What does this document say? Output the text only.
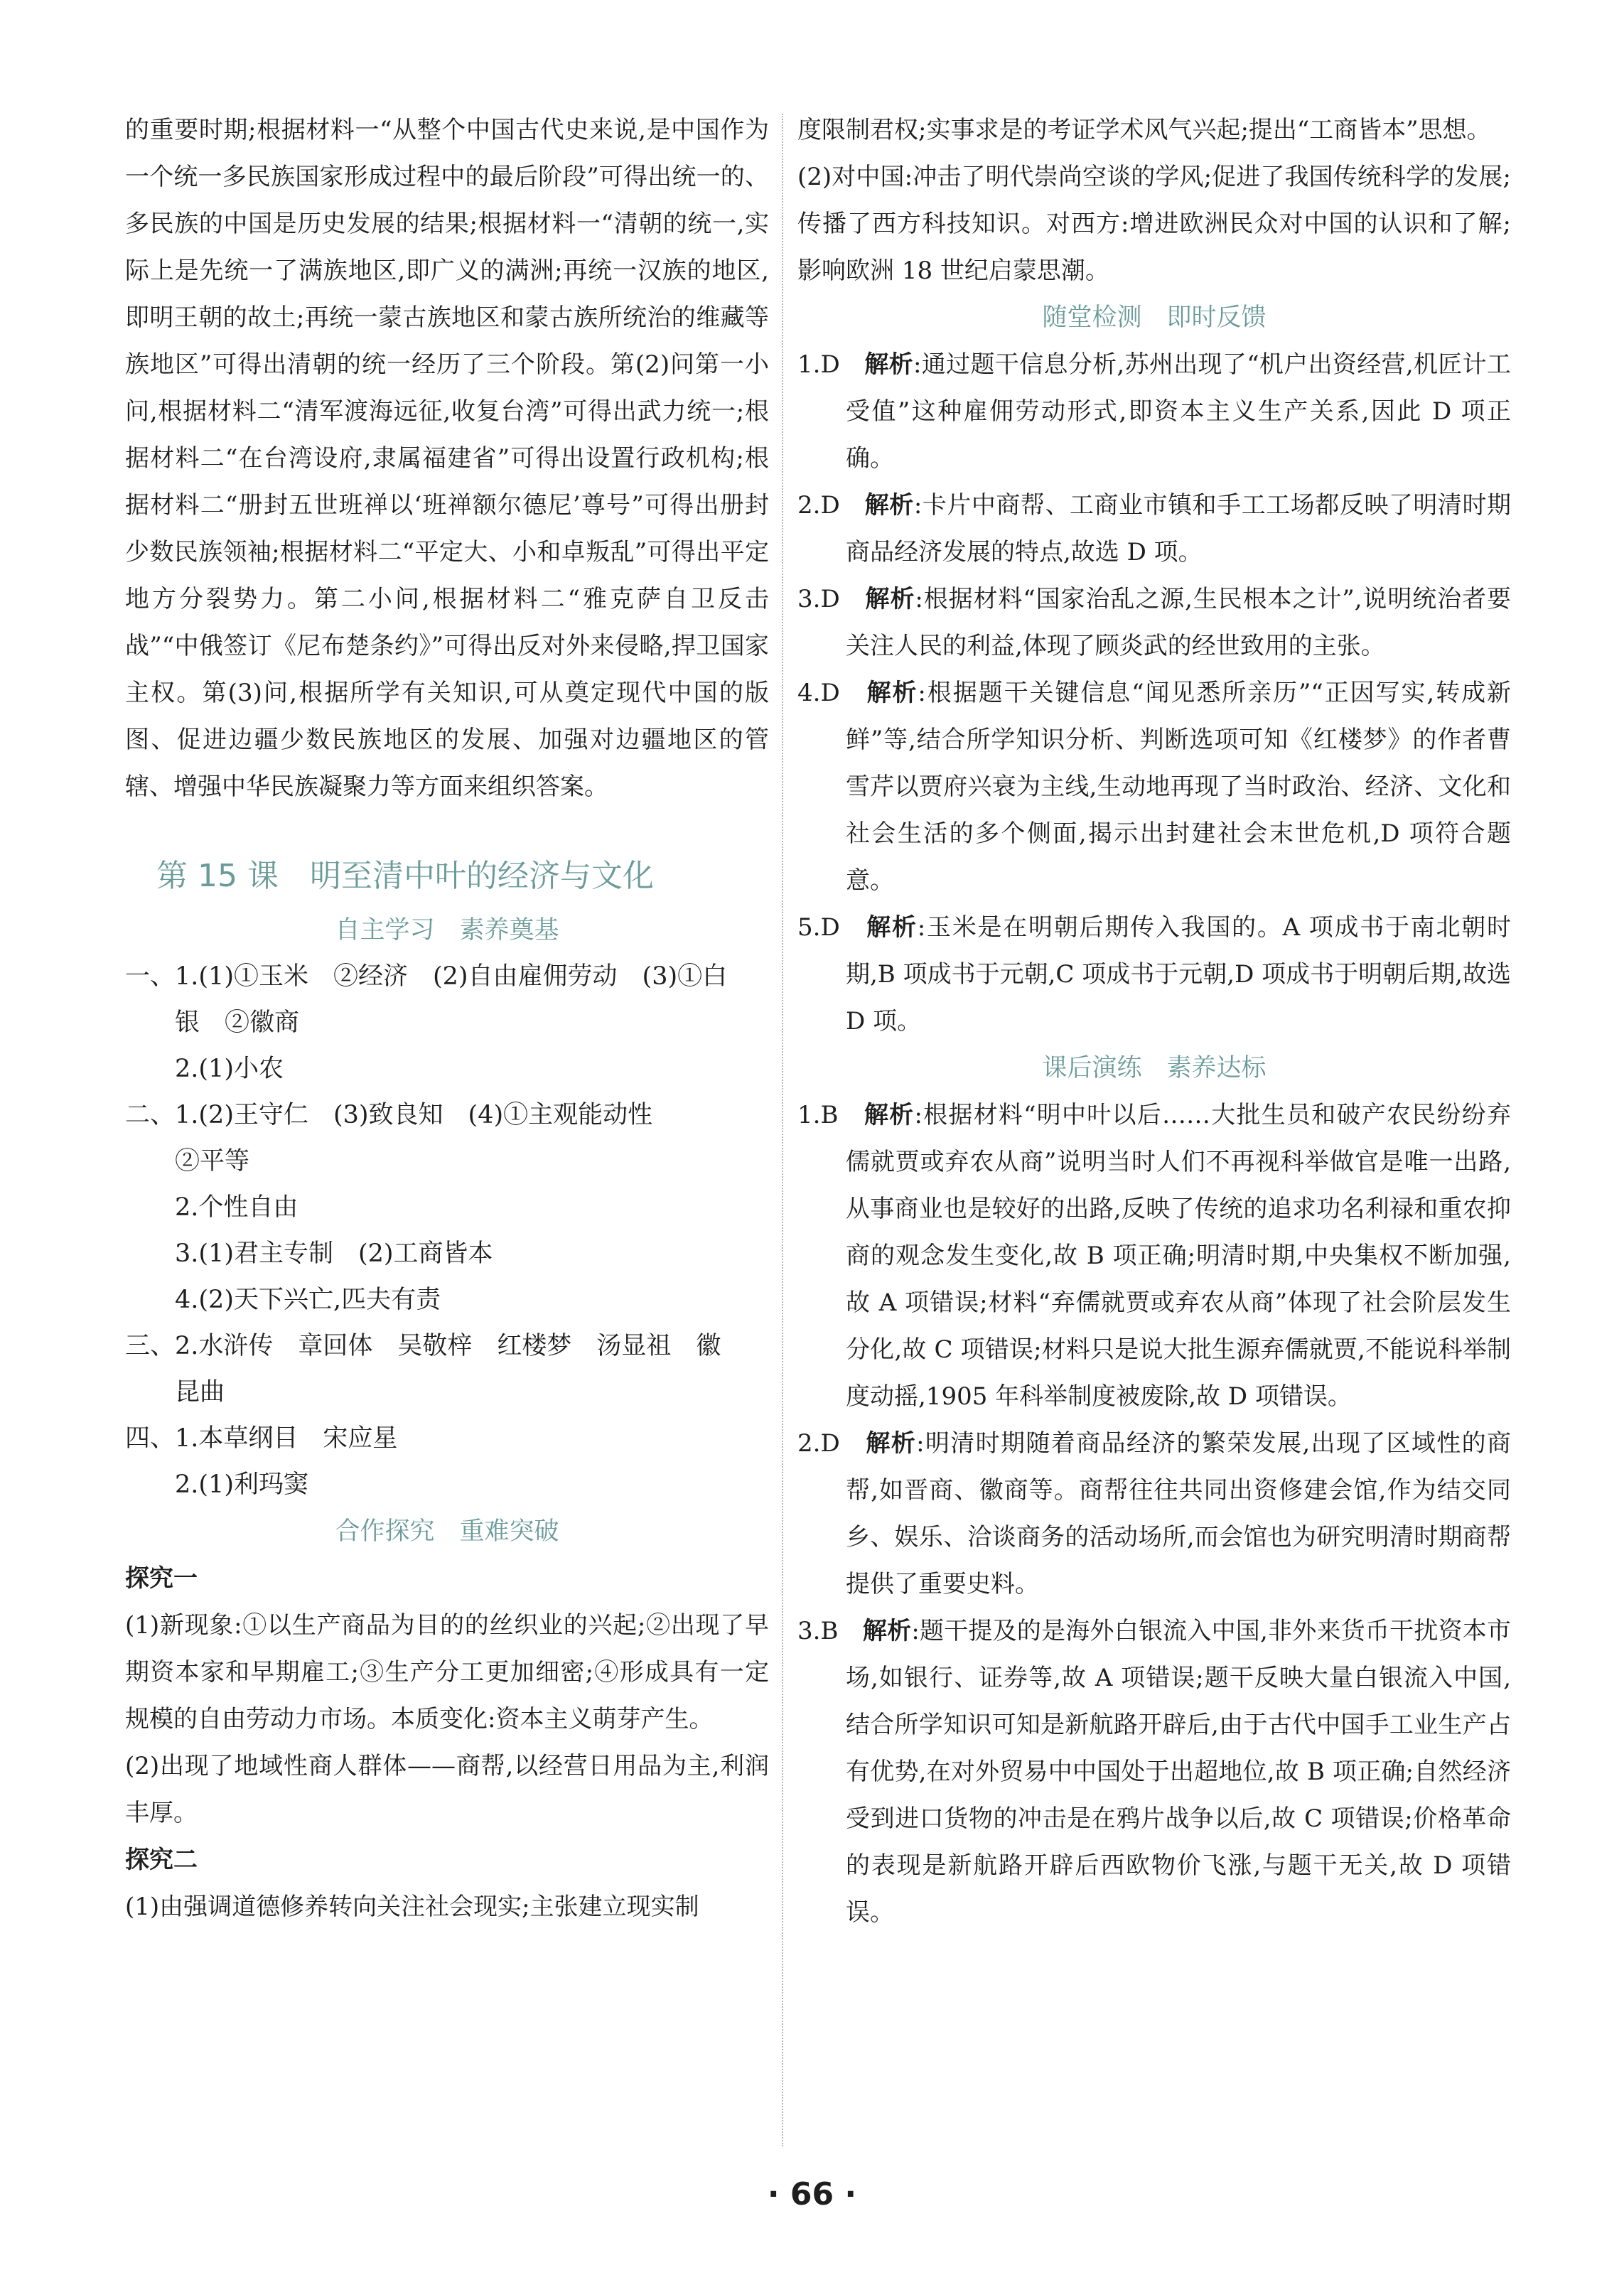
的重要时期;根据材料一“从整个中国古代史来说,是中国作为一个统一多民族国家形成过程中的最后阶段”可得出统一的、多民族的中国是历史发展的结果;根据材料一“清朝的统一,实际上是先统一了满族地区,即广义的满洲;再统一汉族的地区,即明王朝的故土;再统一蒙古族地区和蒙古族所统治的维藏等族地区”可得出清朝的统一经历了三个阶段。第(2)问第一小问,根据材料二“清军渡海远征,收复台湾”可得出武力统一;根据材料二“在台湾设府,隶属福建省”可得出设置行政机构;根据材料二“册封五世班禅以‘班禅额尔德尼’尊号”可得出册封少数民族领袖;根据材料二“平定大、小和卓叛乱”可得出平定地方分裂势力。第二小问,根据材料二“雅克萨自卫反击战”“中俄签订《尼布楚条约》”可得出反对外来侵略,捍卫国家主权。第(3)问,根据所学有关知识,可从奠定现代中国的版图、促进边疆少数民族地区的发展、加强对边疆地区的管辖、增强中华民族凝聚力等方面来组织答案。

第 15 课 明至清中叶的经济与文化

自主学习　素养奠基

一、1.(1)①玉米　②经济　(2)自由雇佣劳动　(3)①白

　　银　②徽商

　　2.(1)小农

二、1.(2)王守仁　(3)致良知　(4)①主观能动性

　　②平等

　　2.个性自由

　　3.(1)君主专制　(2)工商皆本

　　4.(2)天下兴亡,匹夫有责

三、2.水浒传　章回体　吴敬梓　红楼梦　汤显祖　徽

　　昆曲

四、1.本草纲目　宋应星

　　2.(1)利玛窦

合作探究　重难突破

探究一

(1)新现象:①以生产商品为目的的丝织业的兴起;②出现了早期资本家和早期雇工;③生产分工更加细密;④形成具有一定规模的自由劳动力市场。本质变化:资本主义萌芽产生。

(2)出现了地域性商人群体——商帮,以经营日用品为主,利润丰厚。

探究二

(1)由强调道德修养转向关注社会现实;主张建立现实制

度限制君权;实事求是的考证学术风气兴起;提出“工商皆本”思想。

(2)对中国:冲击了明代崇尚空谈的学风;促进了我国传统科学的发展;传播了西方科技知识。对西方:增进欧洲民众对中国的认识和了解;影响欧洲 18 世纪启蒙思潮。

随堂检测　即时反馈

1.D　 解析:通过题干信息分析,苏州出现了“机户出资经营,机匠计工受值”这种雇佣劳动形式,即资本主义生产关系,因此 D 项正确。

2.D　 解析:卡片中商帮、工商业市镇和手工工场都反映了明清时期商品经济发展的特点,故选 D 项。

3.D　 解析:根据材料“国家治乱之源,生民根本之计”,说明统治者要关注人民的利益,体现了顾炎武的经世致用的主张。

4.D　 解析:根据题干关键信息“闻见悉所亲历”“正因写实,转成新鲜”等,结合所学知识分析、判断选项可知《红楼梦》的作者曹雪芹以贾府兴衰为主线,生动地再现了当时政治、经济、文化和社会生活的多个侧面,揭示出封建社会末世危机,D 项符合题意。

5.D　 解析:玉米是在明朝后期传入我国的。A 项成书于南北朝时期,B 项成书于元朝,C 项成书于元朝,D 项成书于明朝后期,故选 D 项。

课后演练　素养达标

1.B　 解析:根据材料“明中叶以后……大批生员和破产农民纷纷弃儒就贾或弃农从商”说明当时人们不再视科举做官是唯一出路,从事商业也是较好的出路,反映了传统的追求功名利禄和重农抑商的观念发生变化,故 B 项正确;明清时期,中央集权不断加强,故 A 项错误;材料“弃儒就贾或弃农从商”体现了社会阶层发生分化,故 C 项错误;材料只是说大批生源弃儒就贾,不能说科举制度动摇,1905 年科举制度被废除,故 D 项错误。

2.D　 解析:明清时期随着商品经济的繁荣发展,出现了区域性的商帮,如晋商、徽商等。商帮往往共同出资修建会馆,作为结交同乡、娱乐、洽谈商务的活动场所,而会馆也为研究明清时期商帮提供了重要史料。

3.B　 解析:题干提及的是海外白银流入中国,非外来货币干扰资本市场,如银行、证券等,故 A 项错误;题干反映大量白银流入中国,结合所学知识可知是新航路开辟后,由于古代中国手工业生产占有优势,在对外贸易中中国处于出超地位,故 B 项正确;自然经济受到进口货物的冲击是在鸦片战争以后,故 C 项错误;价格革命的表现是新航路开辟后西欧物价飞涨,与题干无关,故 D 项错误。

· 66 ·
